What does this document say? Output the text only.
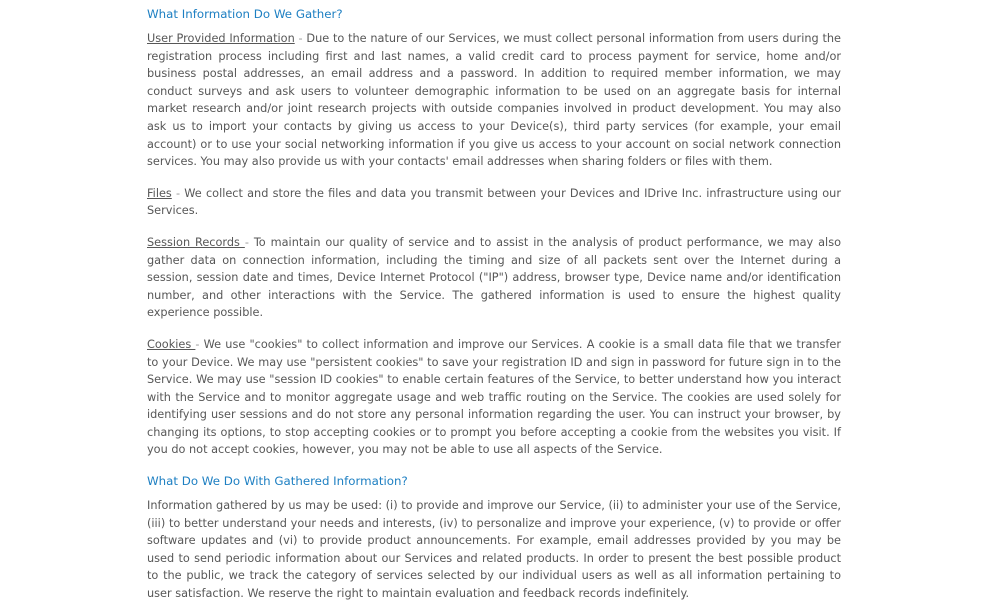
What Information Do We Gather?

User Provided Information - Due to the nature of our Services, we must collect personal information from users during the registration process including first and last names, a valid credit card to process payment for service, home and/or business postal addresses, an email address and a password. In addition to required member information, we may conduct surveys and ask users to volunteer demographic information to be used on an aggregate basis for internal market research and/or joint research projects with outside companies involved in product development. You may also ask us to import your contacts by giving us access to your Device(s), third party services (for example, your email account) or to use your social networking information if you give us access to your account on social network connection services. You may also provide us with your contacts' email addresses when sharing folders or files with them.

Files - We collect and store the files and data you transmit between your Devices and IDrive Inc. infrastructure using our Services.

Session Records - To maintain our quality of service and to assist in the analysis of product performance, we may also gather data on connection information, including the timing and size of all packets sent over the Internet during a session, session date and times, Device Internet Protocol ("IP") address, browser type, Device name and/or identification number, and other interactions with the Service. The gathered information is used to ensure the highest quality experience possible.

Cookies - We use "cookies" to collect information and improve our Services. A cookie is a small data file that we transfer to your Device. We may use "persistent cookies" to save your registration ID and sign in password for future sign in to the Service. We may use "session ID cookies" to enable certain features of the Service, to better understand how you interact with the Service and to monitor aggregate usage and web traffic routing on the Service. The cookies are used solely for identifying user sessions and do not store any personal information regarding the user. You can instruct your browser, by changing its options, to stop accepting cookies or to prompt you before accepting a cookie from the websites you visit. If you do not accept cookies, however, you may not be able to use all aspects of the Service.

What Do We Do With Gathered Information?

Information gathered by us may be used: (i) to provide and improve our Service, (ii) to administer your use of the Service, (iii) to better understand your needs and interests, (iv) to personalize and improve your experience, (v) to provide or offer software updates and (vi) to provide product announcements. For example, email addresses provided by you may be used to send periodic information about our Services and related products. In order to present the best possible product to the public, we track the category of services selected by our individual users as well as all information pertaining to user satisfaction. We reserve the right to maintain evaluation and feedback records indefinitely.
